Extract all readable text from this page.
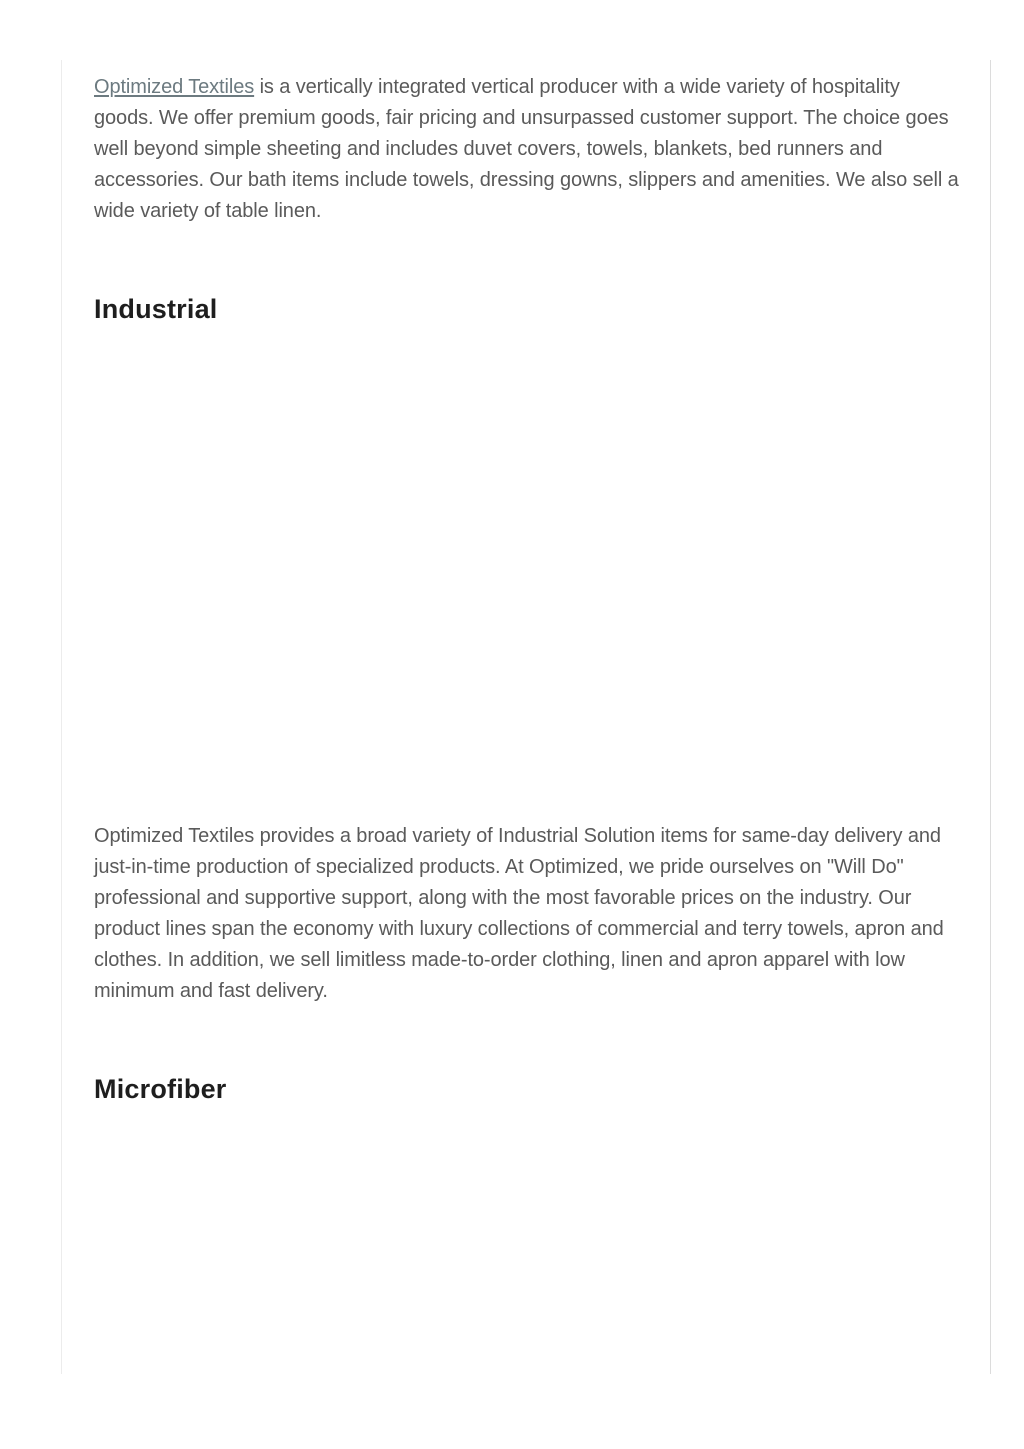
Optimized Textiles is a vertically integrated vertical producer with a wide variety of hospitality goods. We offer premium goods, fair pricing and unsurpassed customer support. The choice goes well beyond simple sheeting and includes duvet covers, towels, blankets, bed runners and accessories. Our bath items include towels, dressing gowns, slippers and amenities. We also sell a wide variety of table linen.

Industrial

Optimized Textiles provides a broad variety of Industrial Solution items for same-day delivery and just-in-time production of specialized products. At Optimized, we pride ourselves on "Will Do" professional and supportive support, along with the most favorable prices on the industry. Our product lines span the economy with luxury collections of commercial and terry towels, apron and clothes. In addition, we sell limitless made-to-order clothing, linen and apron apparel with low minimum and fast delivery.

Microfiber
